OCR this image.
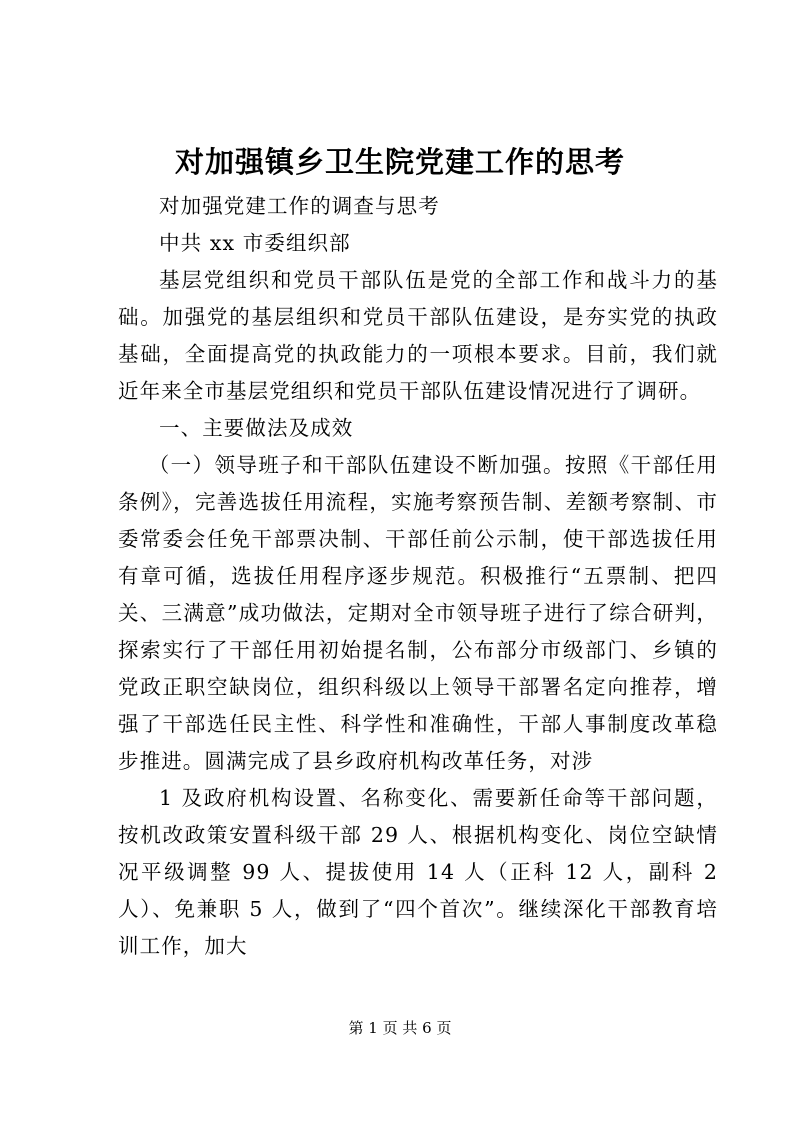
对加强镇乡卫生院党建工作的思考

对加强党建工作的调查与思考

中共 xx 市委组织部

基层党组织和党员干部队伍是党的全部工作和战斗力的基础。加强党的基层组织和党员干部队伍建设，是夯实党的执政基础，全面提高党的执政能力的一项根本要求。目前，我们就近年来全市基层党组织和党员干部队伍建设情况进行了调研。

一、主要做法及成效

（一）领导班子和干部队伍建设不断加强。按照《干部任用条例》，完善选拔任用流程，实施考察预告制、差额考察制、市委常委会任免干部票决制、干部任前公示制，使干部选拔任用有章可循，选拔任用程序逐步规范。积极推行“五票制、把四关、三满意”成功做法，定期对全市领导班子进行了综合研判，探索实行了干部任用初始提名制，公布部分市级部门、乡镇的党政正职空缺岗位，组织科级以上领导干部署名定向推荐，增强了干部选任民主性、科学性和准确性，干部人事制度改革稳步推进。圆满完成了县乡政府机构改革任务，对涉

1 及政府机构设置、名称变化、需要新任命等干部问题，按机改政策安置科级干部 29 人、根据机构变化、岗位空缺情况平级调整 99 人、提拔使用 14 人（正科 12 人，副科 2 人）、免兼职 5 人，做到了“四个首次”。继续深化干部教育培训工作，加大

第 1 页 共 6 页
